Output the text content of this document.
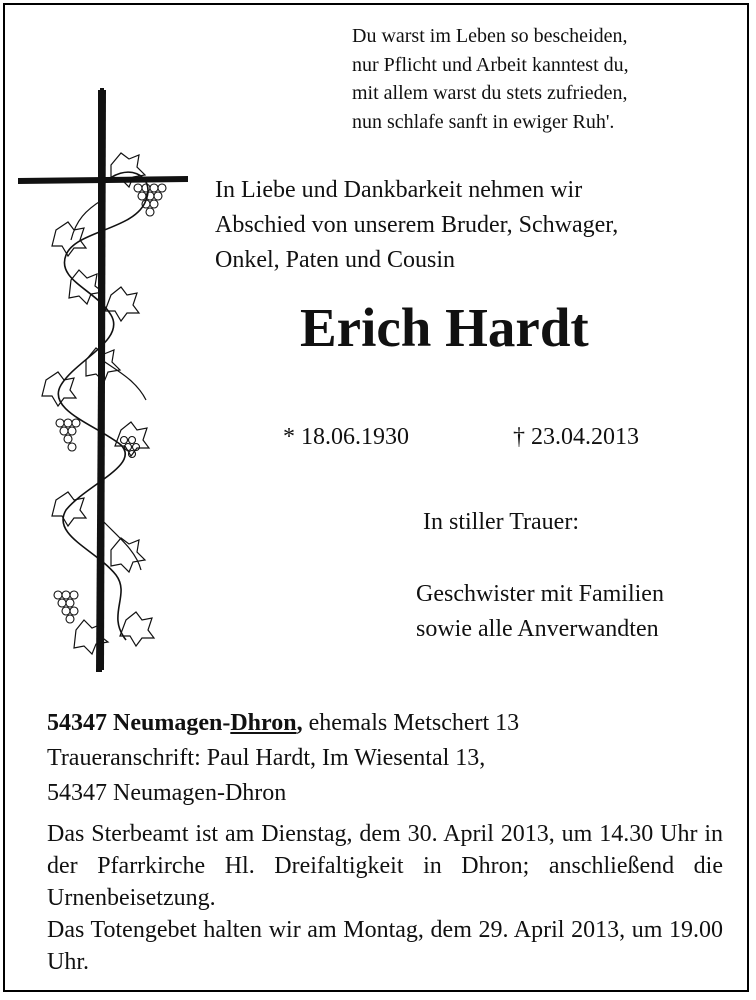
Du warst im Leben so bescheiden,
nur Pflicht und Arbeit kanntest du,
mit allem warst du stets zufrieden,
nun schlafe sanft in ewiger Ruh'.
In Liebe und Dankbarkeit nehmen wir
Abschied von unserem Bruder, Schwager,
Onkel, Paten und Cousin
Erich Hardt
* 18.06.1930	† 23.04.2013
In stiller Trauer:
Geschwister mit Familien
sowie alle Anverwandten
54347 Neumagen-Dhron, ehemals Metschert 13
Traueranschrift: Paul Hardt, Im Wiesental 13,
54347 Neumagen-Dhron

Das Sterbeamt ist am Dienstag, dem 30. April 2013, um 14.30 Uhr in der Pfarrkirche Hl. Dreifaltigkeit in Dhron; anschließend die Urnenbeisetzung.

Das Totengebet halten wir am Montag, dem 29. April 2013, um 19.00 Uhr.
